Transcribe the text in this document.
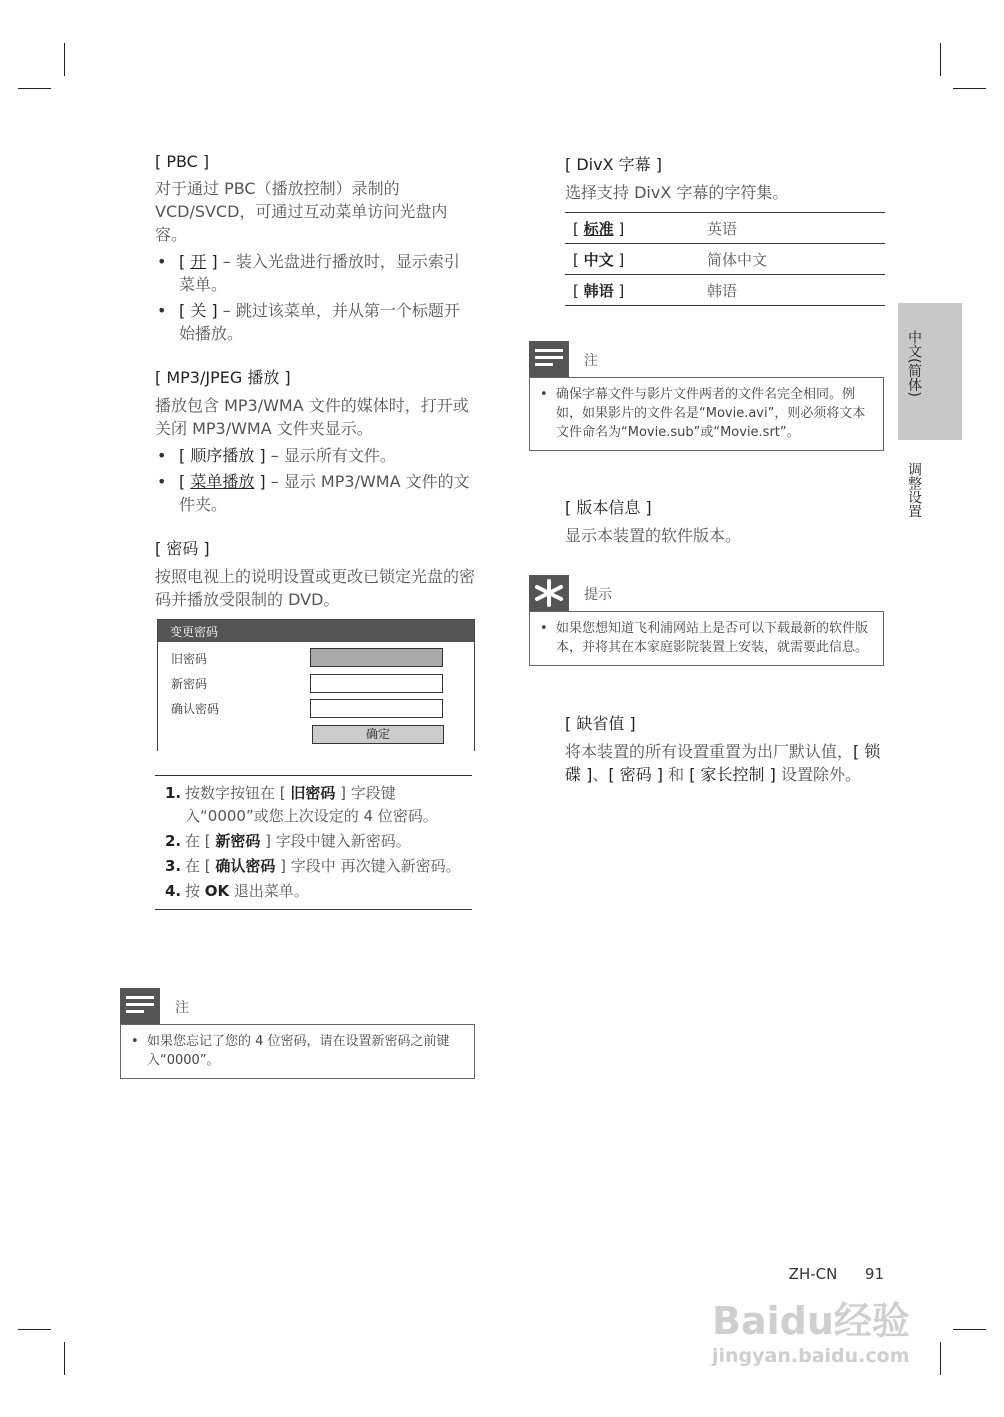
[ PBC ]

对于通过 PBC（播放控制）录制的 VCD/SVCD，可通过互动菜单访问光盘内容。

• [ 开 ] – 装入光盘进行播放时，显示索引菜单。
• [ 关 ] – 跳过该菜单，并从第一个标题开始播放。
[ MP3/JPEG 播放 ]

播放包含 MP3/WMA 文件的媒体时，打开或关闭 MP3/WMA 文件夹显示。

• [ 顺序播放 ] – 显示所有文件。
• [ 菜单播放 ] – 显示 MP3/WMA 文件的文件夹。
[ 密码 ]

按照电视上的说明设置或更改已锁定光盘的密码并播放受限制的 DVD。

变更密码
旧密码
新密码
确认密码
确定
1. 按数字按钮在 [ 旧密码 ] 字段键入“0000”或您上次设定的 4 位密码。
2. 在 [ 新密码 ] 字段中键入新密码。
3. 在 [ 确认密码 ] 字段中 再次键入新密码。
4. 按 OK 退出菜单。
注
• 如果您忘记了您的 4 位密码，请在设置新密码之前键入“0000”。
[ DivX 字幕 ]

选择支持 DivX 字幕的字符集。

[ 标准 ]	英语
[ 中文 ]	简体中文
[ 韩语 ]	韩语
注
• 确保字幕文件与影片文件两者的文件名完全相同。例如，如果影片的文件名是“Movie.avi”，则必须将文本文件命名为“Movie.sub”或“Movie.srt”。
[ 版本信息 ]

显示本装置的软件版本。

提示
• 如果您想知道飞利浦网站上是否可以下载最新的软件版本，并将其在本家庭影院装置上安装，就需要此信息。
[ 缺省值 ]

将本装置的所有设置重置为出厂默认值，[ 锁碟 ]、[ 密码 ] 和 [ 家长控制 ] 设置除外。

中文(简体)
调整设置
ZH-CN 91
Baidu经验
jingyan.baidu.com
